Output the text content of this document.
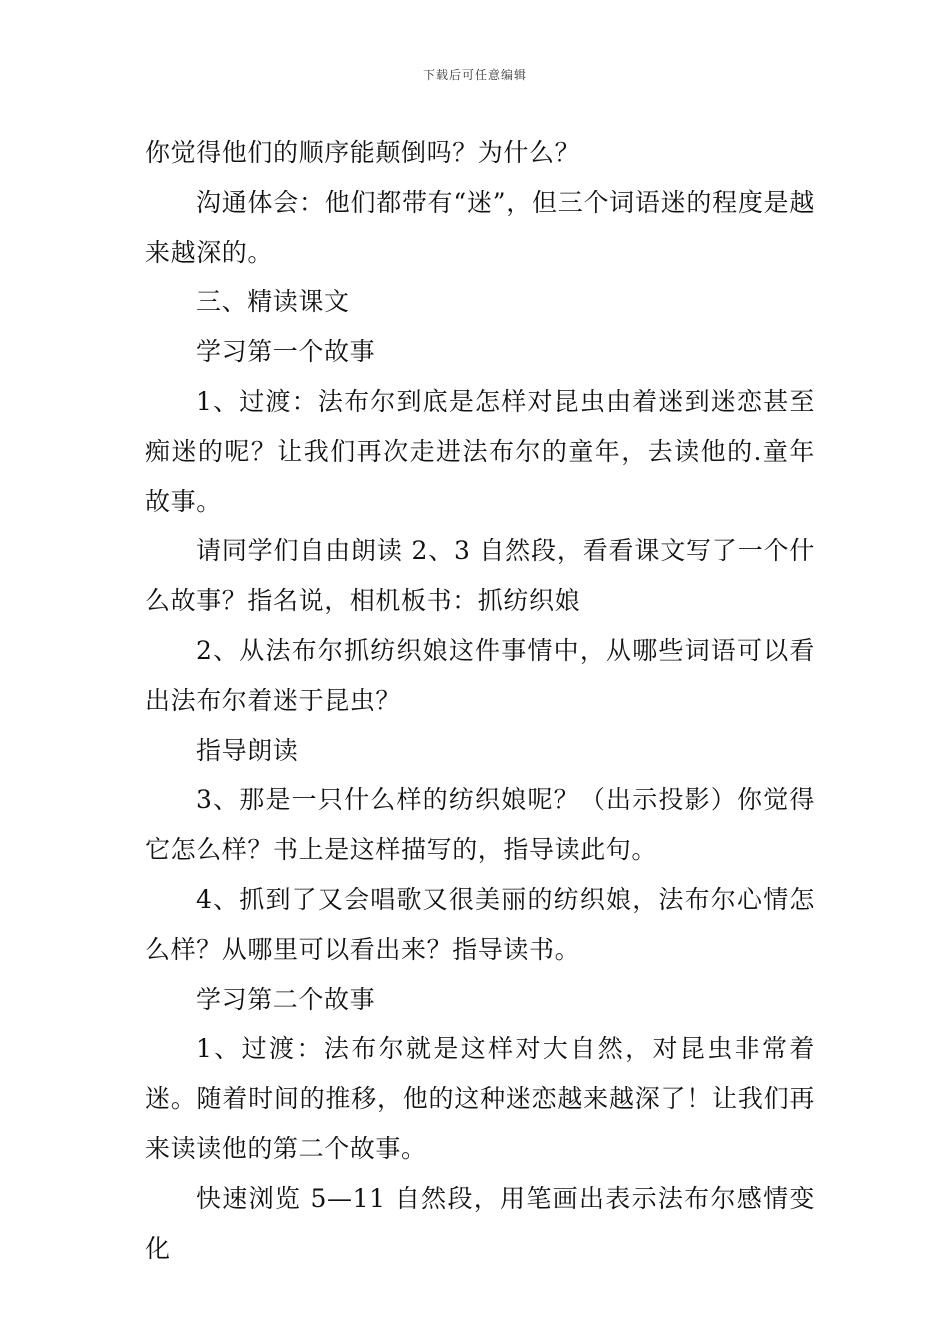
下载后可任意编辑

你觉得他们的顺序能颠倒吗？为什么？

沟通体会：他们都带有“迷”，但三个词语迷的程度是越来越深的。

三、精读课文

学习第一个故事

1、过渡：法布尔到底是怎样对昆虫由着迷到迷恋甚至痴迷的呢？让我们再次走进法布尔的童年，去读他的.童年故事。

请同学们自由朗读 2、3 自然段，看看课文写了一个什么故事？指名说，相机板书：抓纺织娘

2、从法布尔抓纺织娘这件事情中，从哪些词语可以看出法布尔着迷于昆虫？

指导朗读

3、那是一只什么样的纺织娘呢？（出示投影）你觉得它怎么样？书上是这样描写的，指导读此句。

4、抓到了又会唱歌又很美丽的纺织娘，法布尔心情怎么样？从哪里可以看出来？指导读书。

学习第二个故事

1、过渡：法布尔就是这样对大自然，对昆虫非常着迷。随着时间的推移，他的这种迷恋越来越深了！让我们再来读读他的第二个故事。

快速浏览 5—11 自然段，用笔画出表示法布尔感情变化
